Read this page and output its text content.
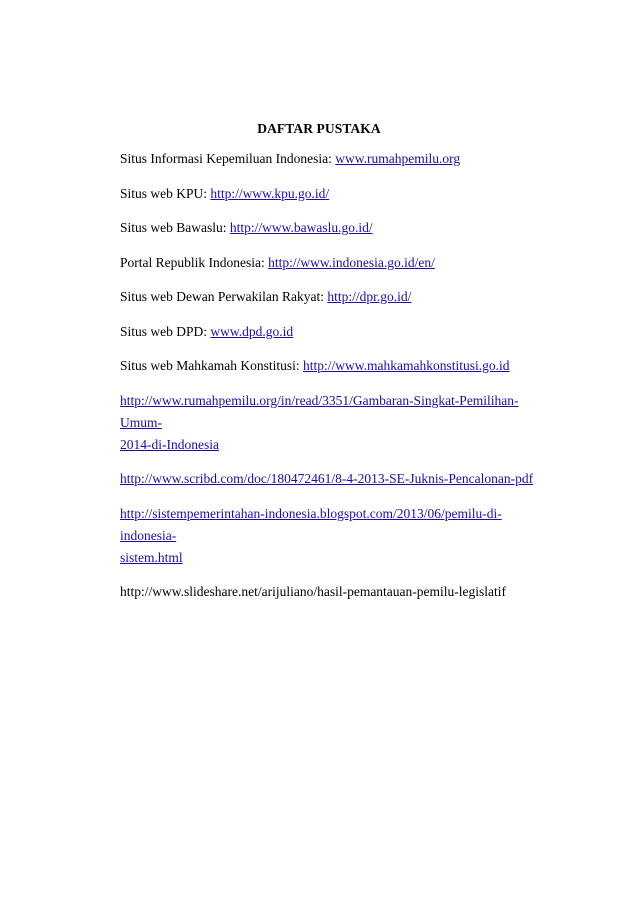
DAFTAR PUSTAKA
Situs Informasi Kepemiluan Indonesia: www.rumahpemilu.org
Situs web KPU: http://www.kpu.go.id/
Situs web Bawaslu: http://www.bawaslu.go.id/
Portal Republik Indonesia: http://www.indonesia.go.id/en/
Situs web Dewan Perwakilan Rakyat: http://dpr.go.id/
Situs web DPD: www.dpd.go.id
Situs web Mahkamah Konstitusi: http://www.mahkamahkonstitusi.go.id
http://www.rumahpemilu.org/in/read/3351/Gambaran-Singkat-Pemilihan-Umum-
2014-di-Indonesia
http://www.scribd.com/doc/180472461/8-4-2013-SE-Juknis-Pencalonan-pdf
http://sistempemerintahan-indonesia.blogspot.com/2013/06/pemilu-di-indonesia-
sistem.html
http://www.slideshare.net/arijuliano/hasil-pemantauan-pemilu-legislatif
